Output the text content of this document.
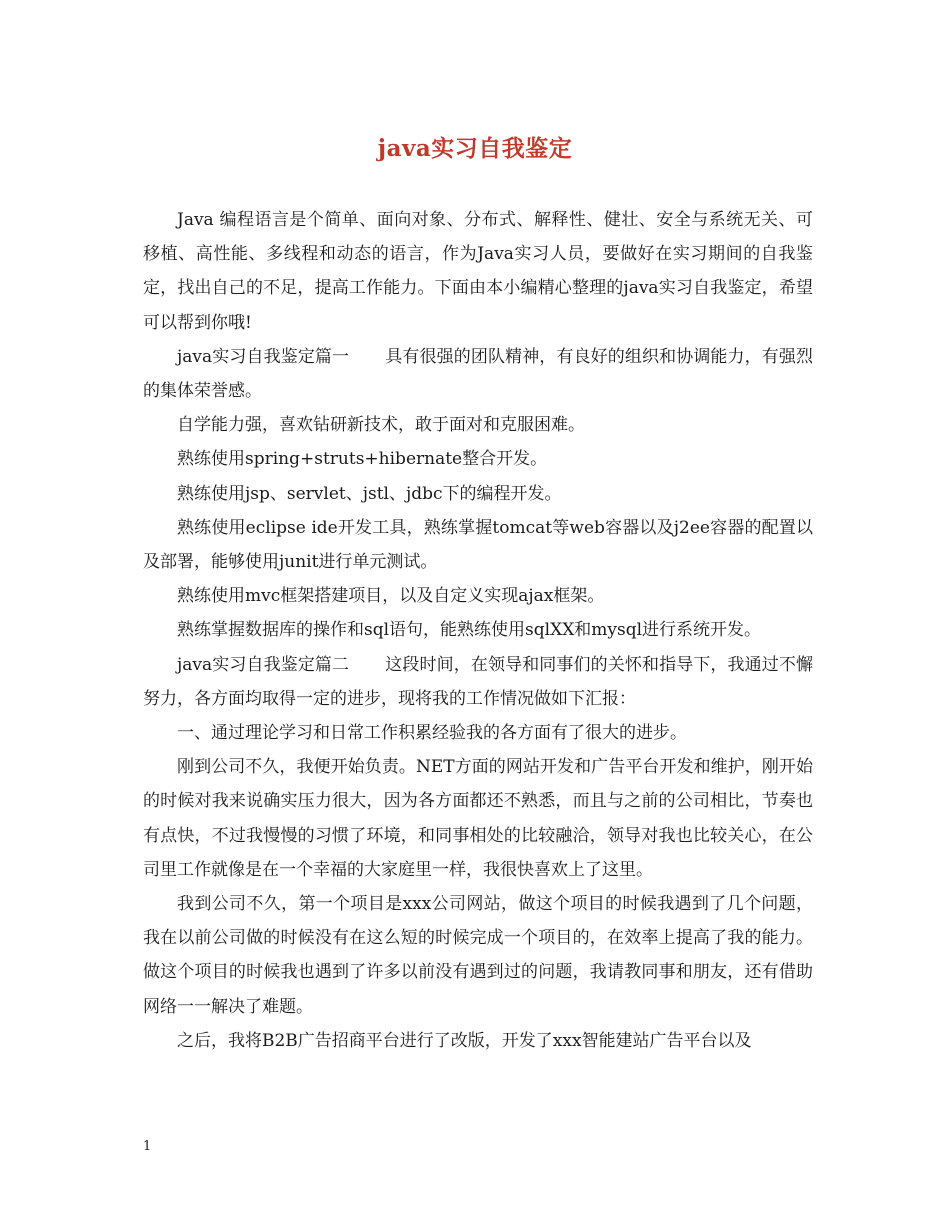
java实习自我鉴定

Java 编程语言是个简单、面向对象、分布式、解释性、健壮、安全与系统无关、可移植、高性能、多线程和动态的语言，作为Java实习人员，要做好在实习期间的自我鉴定，找出自己的不足，提高工作能力。下面由本小编精心整理的java实习自我鉴定，希望可以帮到你哦!

java实习自我鉴定篇一 具有很强的团队精神，有良好的组织和协调能力，有强烈的集体荣誉感。

自学能力强，喜欢钻研新技术，敢于面对和克服困难。

熟练使用spring+struts+hibernate整合开发。

熟练使用jsp、servlet、jstl、jdbc下的编程开发。

熟练使用eclipse ide开发工具，熟练掌握tomcat等web容器以及j2ee容器的配置以及部署，能够使用junit进行单元测试。

熟练使用mvc框架搭建项目，以及自定义实现ajax框架。

熟练掌握数据库的操作和sql语句，能熟练使用sqlXX和mysql进行系统开发。

java实习自我鉴定篇二 这段时间，在领导和同事们的关怀和指导下，我通过不懈努力，各方面均取得一定的进步，现将我的工作情况做如下汇报：

一、通过理论学习和日常工作积累经验我的各方面有了很大的进步。

刚到公司不久，我便开始负责。NET方面的网站开发和广告平台开发和维护，刚开始的时候对我来说确实压力很大，因为各方面都还不熟悉，而且与之前的公司相比，节奏也有点快，不过我慢慢的习惯了环境，和同事相处的比较融洽，领导对我也比较关心，在公司里工作就像是在一个幸福的大家庭里一样，我很快喜欢上了这里。

我到公司不久，第一个项目是xxx公司网站，做这个项目的时候我遇到了几个问题，我在以前公司做的时候没有在这么短的时候完成一个项目的，在效率上提高了我的能力。做这个项目的时候我也遇到了许多以前没有遇到过的问题，我请教同事和朋友，还有借助网络一一解决了难题。

之后，我将B2B广告招商平台进行了改版，开发了xxx智能建站广告平台以及

1
